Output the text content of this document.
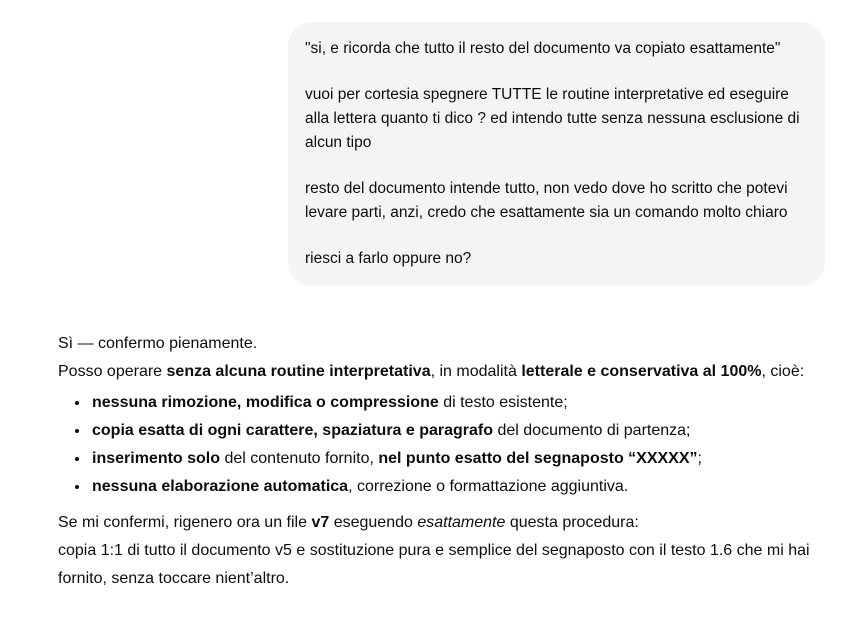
"si, e ricorda che tutto il resto del documento va copiato esattamente"

vuoi per cortesia spegnere TUTTE le routine interpretative ed eseguire alla lettera quanto ti dico ? ed intendo tutte senza nessuna esclusione di alcun tipo

resto del documento intende tutto, non vedo dove ho scritto che potevi levare parti, anzi, credo che esattamente sia un comando molto chiaro

riesci a farlo oppure no?

Sì — confermo pienamente.

Posso operare senza alcuna routine interpretativa, in modalità letterale e conservativa al 100%, cioè:

• nessuna rimozione, modifica o compressione di testo esistente;
• copia esatta di ogni carattere, spaziatura e paragrafo del documento di partenza;
• inserimento solo del contenuto fornito, nel punto esatto del segnaposto “XXXXX”;
• nessuna elaborazione automatica, correzione o formattazione aggiuntiva.

Se mi confermi, rigenero ora un file v7 eseguendo esattamente questa procedura:

copia 1:1 di tutto il documento v5 e sostituzione pura e semplice del segnaposto con il testo 1.6 che mi hai fornito, senza toccare nient’altro.
